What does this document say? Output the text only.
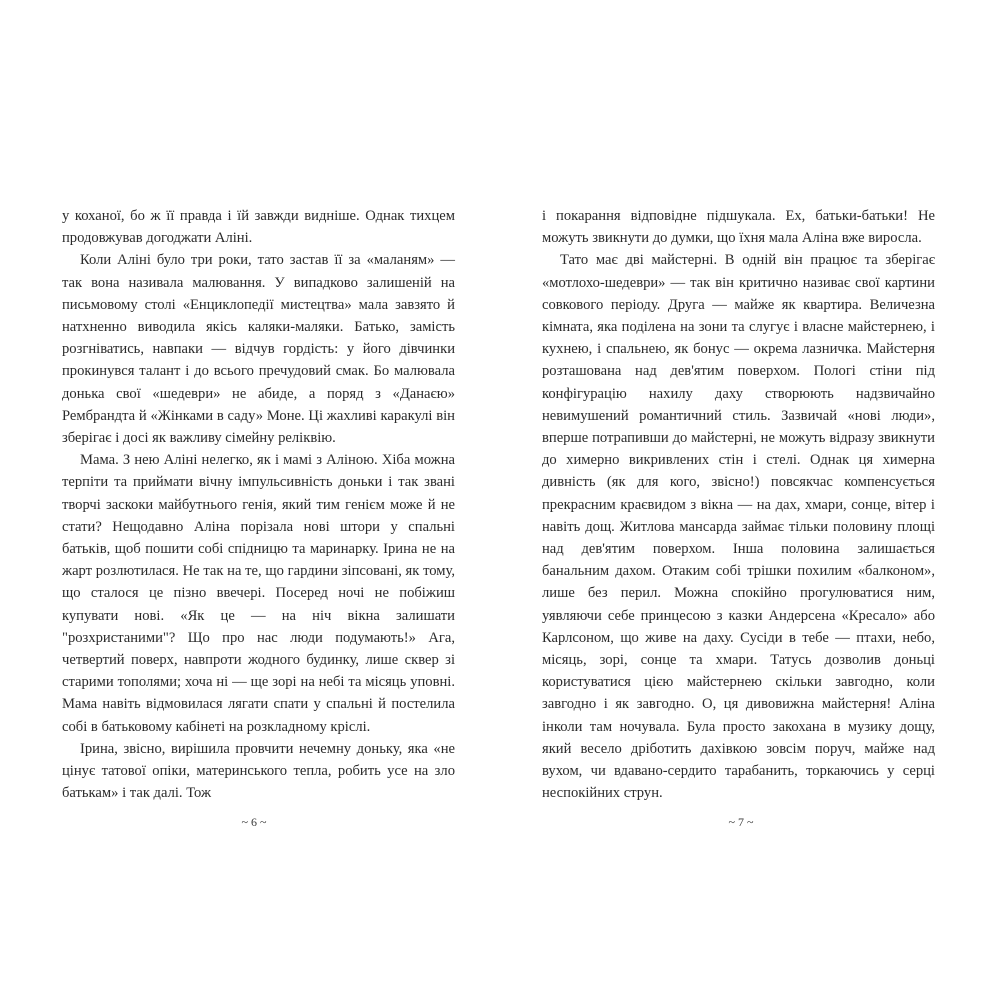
у коханої, бо ж її правда і їй завжди видніше. Однак тихцем продовжував догоджати Аліні.

Коли Аліні було три роки, тато застав її за «маланям» — так вона називала малювання. У випадково залишеній на письмовому столі «Енциклопедії мистецтва» мала завзято й натхненно виводила якісь каляки-маляки. Батько, замість розгніватись, навпаки — відчув гордість: у його дівчинки прокинувся талант і до всього пречудовий смак. Бо малювала донька свої «шедеври» не абиде, а поряд з «Данаєю» Рембрандта й «Жінками в саду» Моне. Ці жахливі каракулі він зберігає і досі як важливу сімейну реліквію.

Мама. З нею Аліні нелегко, як і мамі з Аліною. Хіба можна терпіти та приймати вічну імпульсивність доньки і так звані творчі заскоки майбутнього генія, який тим генієм може й не стати? Нещодавно Аліна порізала нові штори у спальні батьків, щоб пошити собі спідницю та маринарку. Ірина не на жарт розлютилася. Не так на те, що гардини зіпсовані, як тому, що сталося це пізно ввечері. Посеред ночі не побіжиш купувати нові. «Як це — на ніч вікна залишати "розхристаними"? Що про нас люди подумають!» Ага, четвертий поверх, навпроти жодного будинку, лише сквер зі старими тополями; хоча ні — ще зорі на небі та місяць уповні. Мама навіть відмовилася лягати спати у спальні й постелила собі в батьковому кабінеті на розкладному кріслі.

Ірина, звісно, вирішила провчити нечемну доньку, яка «не цінує татової опіки, материнського тепла, робить усе на зло батькам» і так далі. Тож

~ 6 ~

і покарання відповідне підшукала. Ех, батьки-батьки! Не можуть звикнути до думки, що їхня мала Аліна вже виросла.

Тато має дві майстерні. В одній він працює та зберігає «мотлохо-шедеври» — так він критично називає свої картини совкового періоду. Друга — майже як квартира. Величезна кімната, яка поділена на зони та слугує і власне майстернею, і кухнею, і спальнею, як бонус — окрема лазничка. Майстерня розташована над дев'ятим поверхом. Пологі стіни під конфігурацію нахилу даху створюють надзвичайно невимушений романтичний стиль. Зазвичай «нові люди», вперше потрапивши до майстерні, не можуть відразу звикнути до химерно викривлених стін і стелі. Однак ця химерна дивність (як для кого, звісно!) повсякчас компенсується прекрасним краєвидом з вікна — на дах, хмари, сонце, вітер і навіть дощ. Житлова мансарда займає тільки половину площі над дев'ятим поверхом. Інша половина залишається банальним дахом. Отаким собі трішки похилим «балконом», лише без перил. Можна спокійно прогулюватися ним, уявляючи себе принцесою з казки Андерсена «Кресало» або Карлсоном, що живе на даху. Сусіди в тебе — птахи, небо, місяць, зорі, сонце та хмари. Татусь дозволив доньці користуватися цією майстернею скільки завгодно, коли завгодно і як завгодно. О, ця дивовижна майстерня! Аліна інколи там ночувала. Була просто закохана в музику дощу, який весело дріботить дахівкою зовсім поруч, майже над вухом, чи вдавано-сердито тарабанить, торкаючись у серці неспокійних струн.

~ 7 ~
